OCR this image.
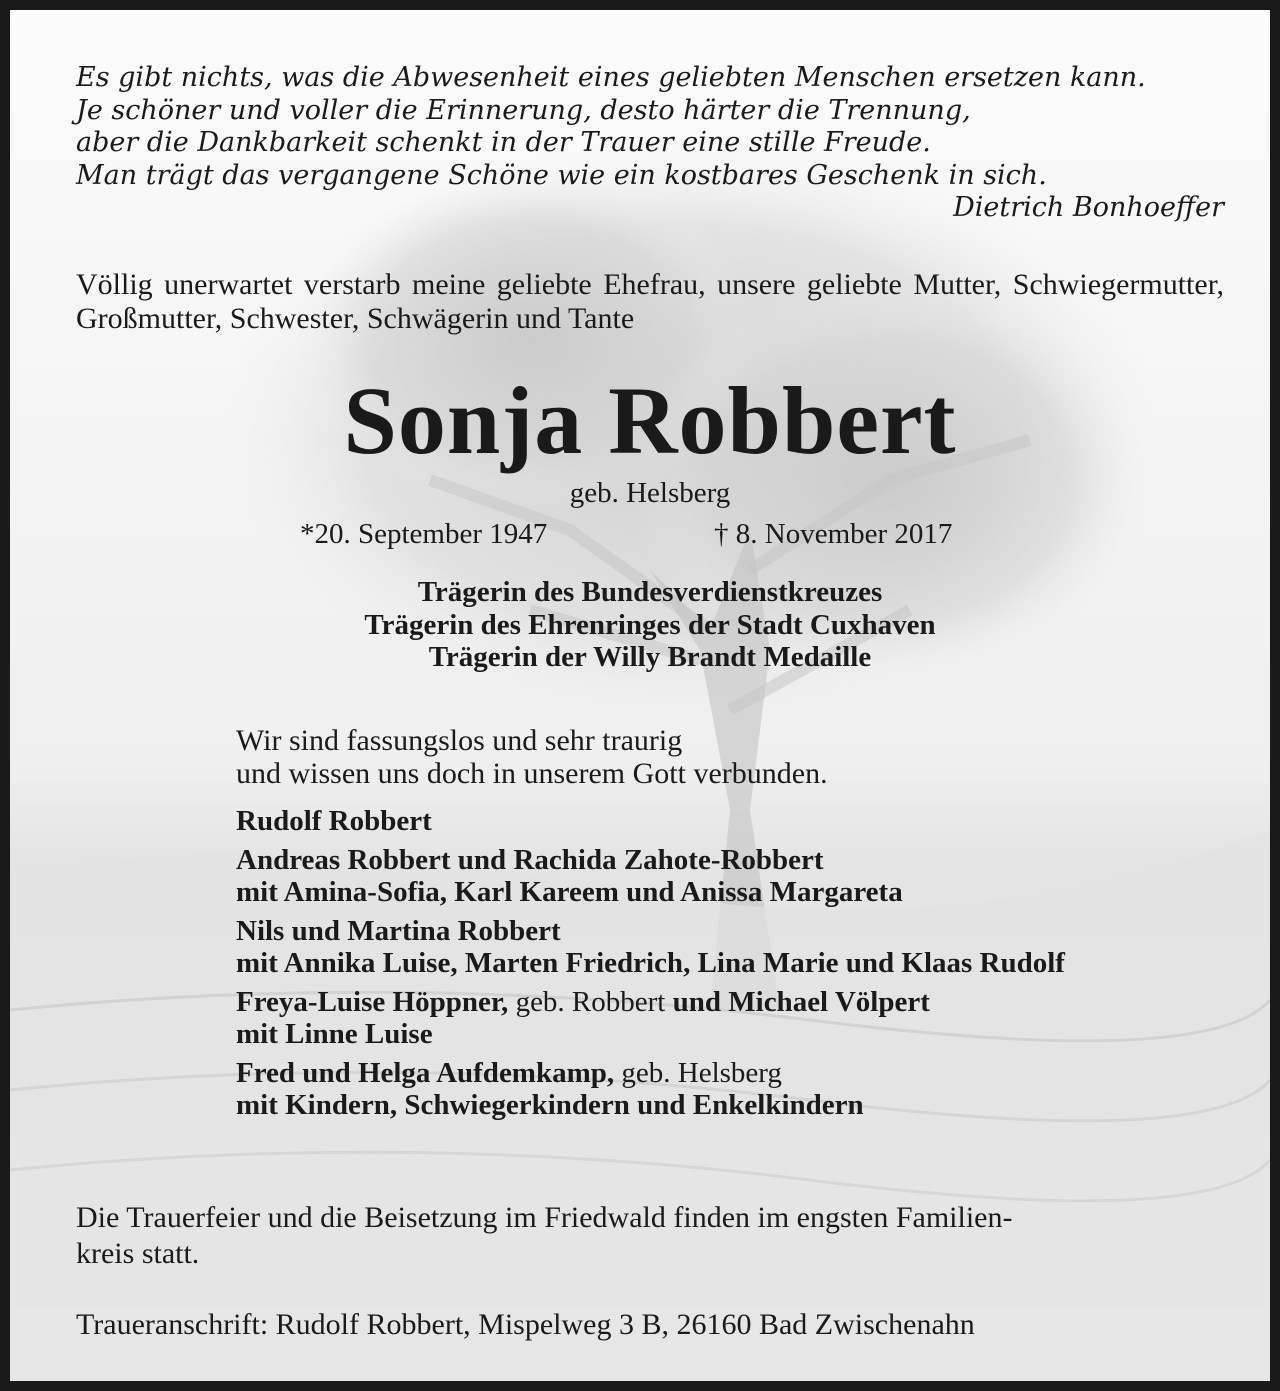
Es gibt nichts, was die Abwesenheit eines geliebten Menschen ersetzen kann.
Je schöner und voller die Erinnerung, desto härter die Trennung,
aber die Dankbarkeit schenkt in der Trauer eine stille Freude.
Man trägt das vergangene Schöne wie ein kostbares Geschenk in sich.
Dietrich Bonhoeffer
Völlig unerwartet verstarb meine geliebte Ehefrau, unsere geliebte Mutter, Schwiegermutter, Großmutter, Schwester, Schwägerin und Tante
Sonja Robbert
geb. Helsberg
*20. September 1947	† 8. November 2017
Trägerin des Bundesverdienstkreuzes
Trägerin des Ehrenringes der Stadt Cuxhaven
Trägerin der Willy Brandt Medaille
Wir sind fassungslos und sehr traurig
und wissen uns doch in unserem Gott verbunden.
Rudolf Robbert
Andreas Robbert und Rachida Zahote-Robbert
mit Amina-Sofia, Karl Kareem und Anissa Margareta
Nils und Martina Robbert
mit Annika Luise, Marten Friedrich, Lina Marie und Klaas Rudolf
Freya-Luise Höppner, geb. Robbert und Michael Völpert
mit Linne Luise
Fred und Helga Aufdemkamp, geb. Helsberg
mit Kindern, Schwiegerkindern und Enkelkindern
Die Trauerfeier und die Beisetzung im Friedwald finden im engsten Familien-
kreis statt.
Traueranschrift: Rudolf Robbert, Mispelweg 3 B, 26160 Bad Zwischenahn
